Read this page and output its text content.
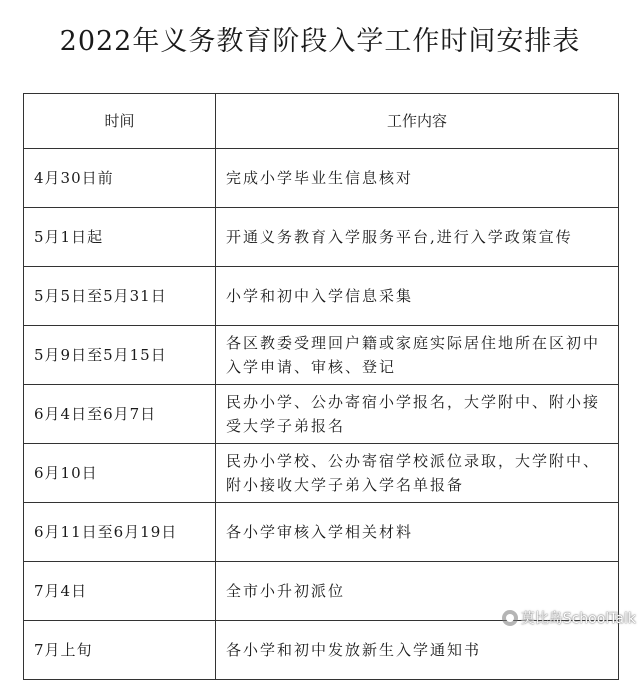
2022年义务教育阶段入学工作时间安排表
时间	工作内容
4月30日前	完成小学毕业生信息核对
5月1日起	开通义务教育入学服务平台,进行入学政策宣传
5月5日至5月31日	小学和初中入学信息采集
5月9日至5月15日	各区教委受理回户籍或家庭实际居住地所在区初中入学申请、审核、登记
6月4日至6月7日	民办小学、公办寄宿小学报名，大学附中、附小接受大学子弟报名
6月10日	民办小学校、公办寄宿学校派位录取，大学附中、附小接收大学子弟入学名单报备
6月11日至6月19日	各小学审核入学相关材料
7月4日	全市小升初派位
7月上旬	各小学和初中发放新生入学通知书
莫比岛SchoolTalk
